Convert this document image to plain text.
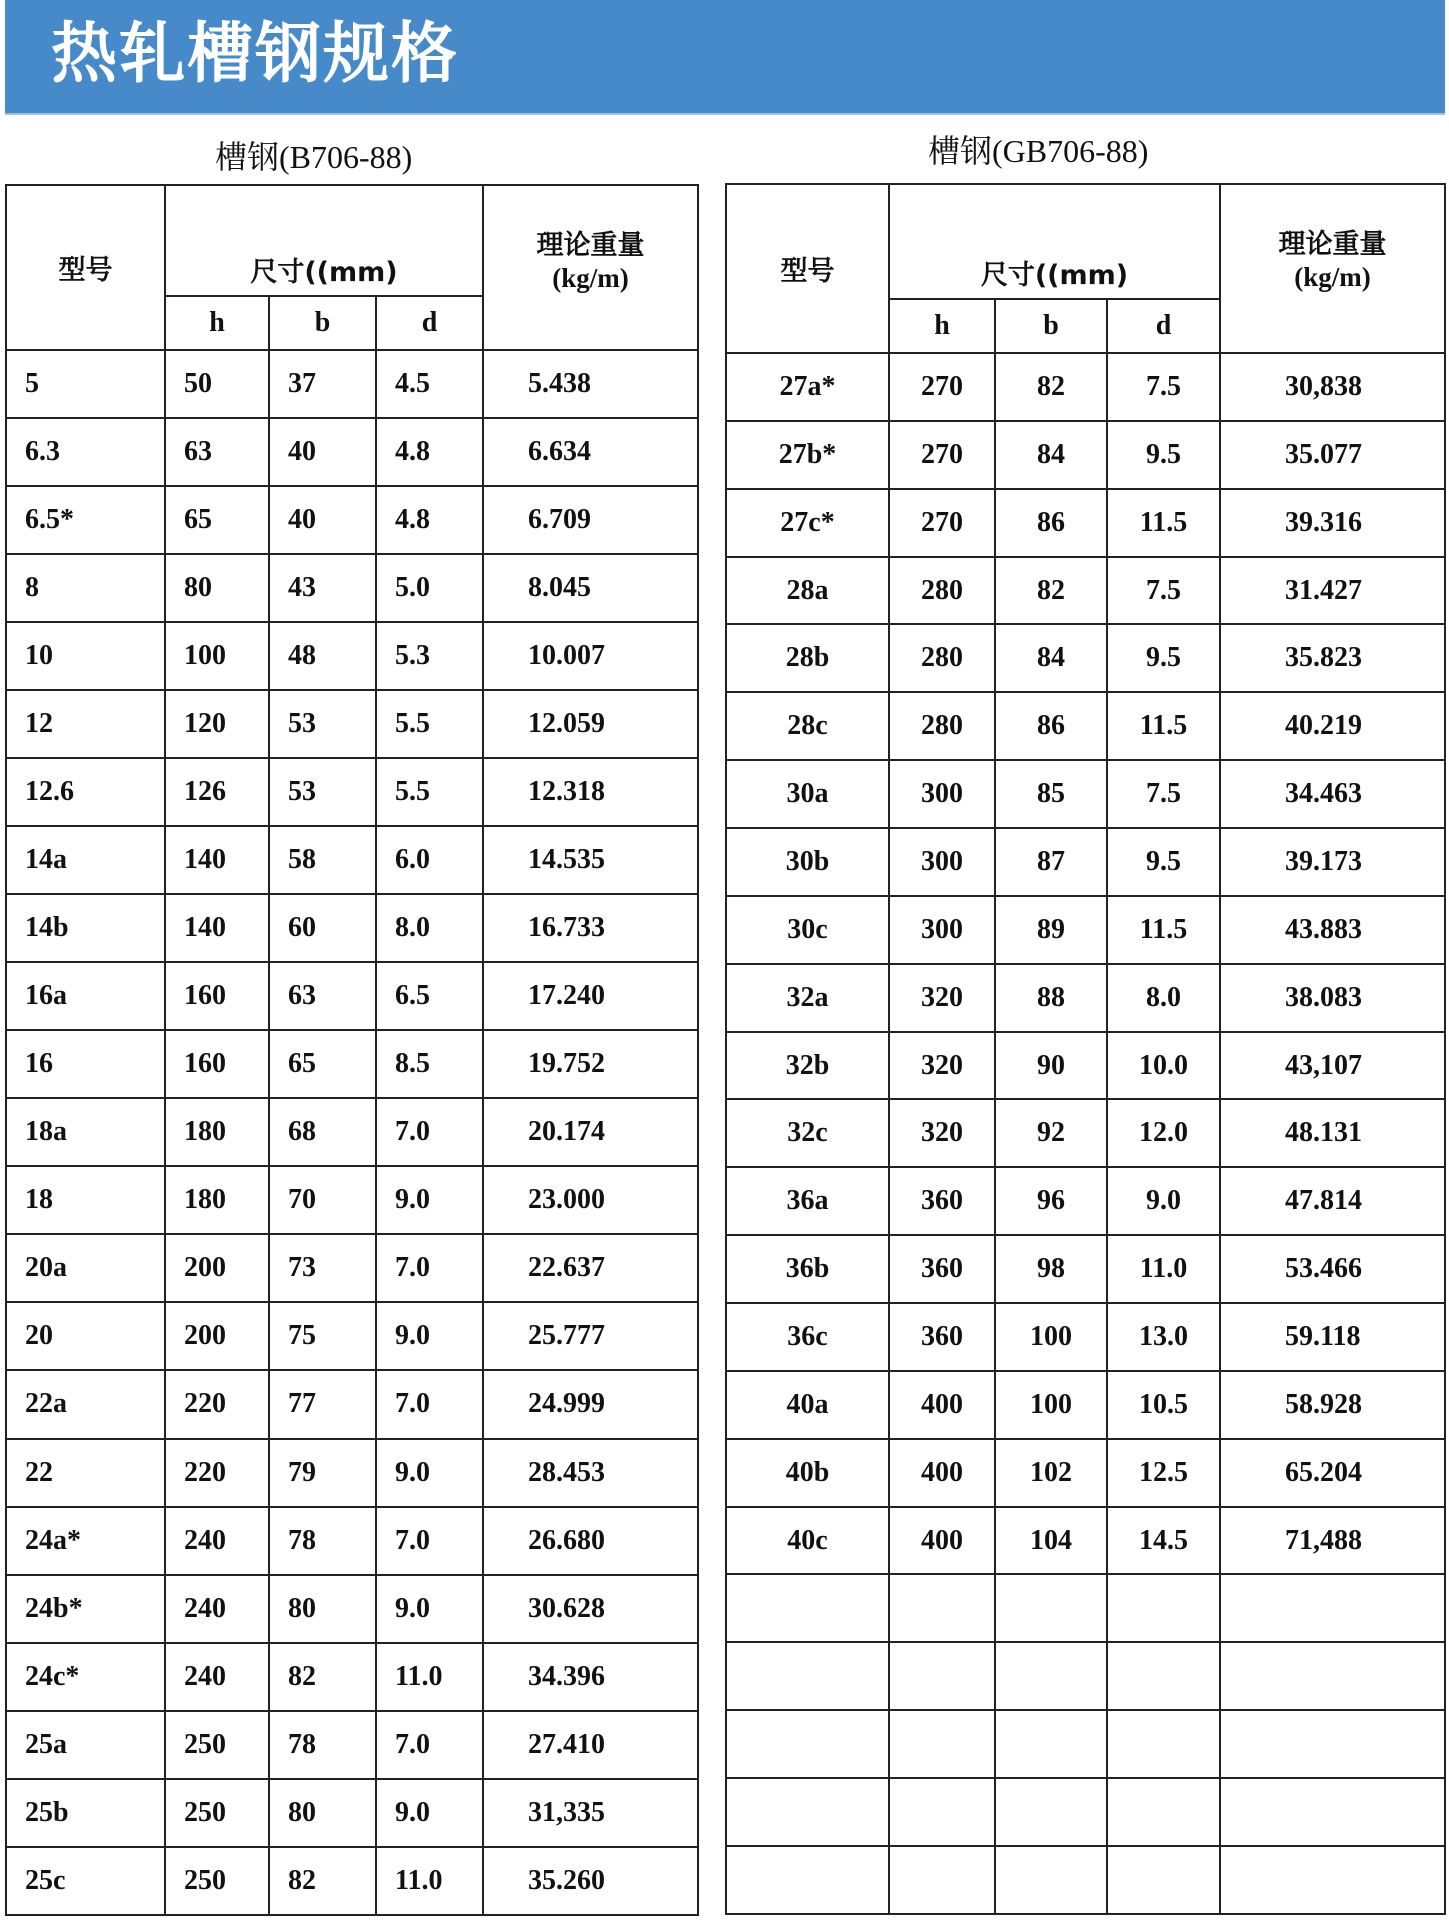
热轧槽钢规格
槽钢(B706-88)	槽钢(GB706-88)
型号	尺寸((mm)			理论重量
(kg/m)
	h	b	d	
5	50	37	4.5	5.438
6.3	63	40	4.8	6.634
6.5*	65	40	4.8	6.709
8	80	43	5.0	8.045
10	100	48	5.3	10.007
12	120	53	5.5	12.059
12.6	126	53	5.5	12.318
14a	140	58	6.0	14.535
14b	140	60	8.0	16.733
16a	160	63	6.5	17.240
16	160	65	8.5	19.752
18a	180	68	7.0	20.174
18	180	70	9.0	23.000
20a	200	73	7.0	22.637
20	200	75	9.0	25.777
22a	220	77	7.0	24.999
22	220	79	9.0	28.453
24a*	240	78	7.0	26.680
24b*	240	80	9.0	30.628
24c*	240	82	11.0	34.396
25a	250	78	7.0	27.410
25b	250	80	9.0	31,335
25c	250	82	11.0	35.260
型号	尺寸((mm)			理论重量
(kg/m)
	h	b	d	
27a*	270	82	7.5	30,838
27b*	270	84	9.5	35.077
27c*	270	86	11.5	39.316
28a	280	82	7.5	31.427
28b	280	84	9.5	35.823
28c	280	86	11.5	40.219
30a	300	85	7.5	34.463
30b	300	87	9.5	39.173
30c	300	89	11.5	43.883
32a	320	88	8.0	38.083
32b	320	90	10.0	43,107
32c	320	92	12.0	48.131
36a	360	96	9.0	47.814
36b	360	98	11.0	53.466
36c	360	100	13.0	59.118
40a	400	100	10.5	58.928
40b	400	102	12.5	65.204
40c	400	104	14.5	71,488
